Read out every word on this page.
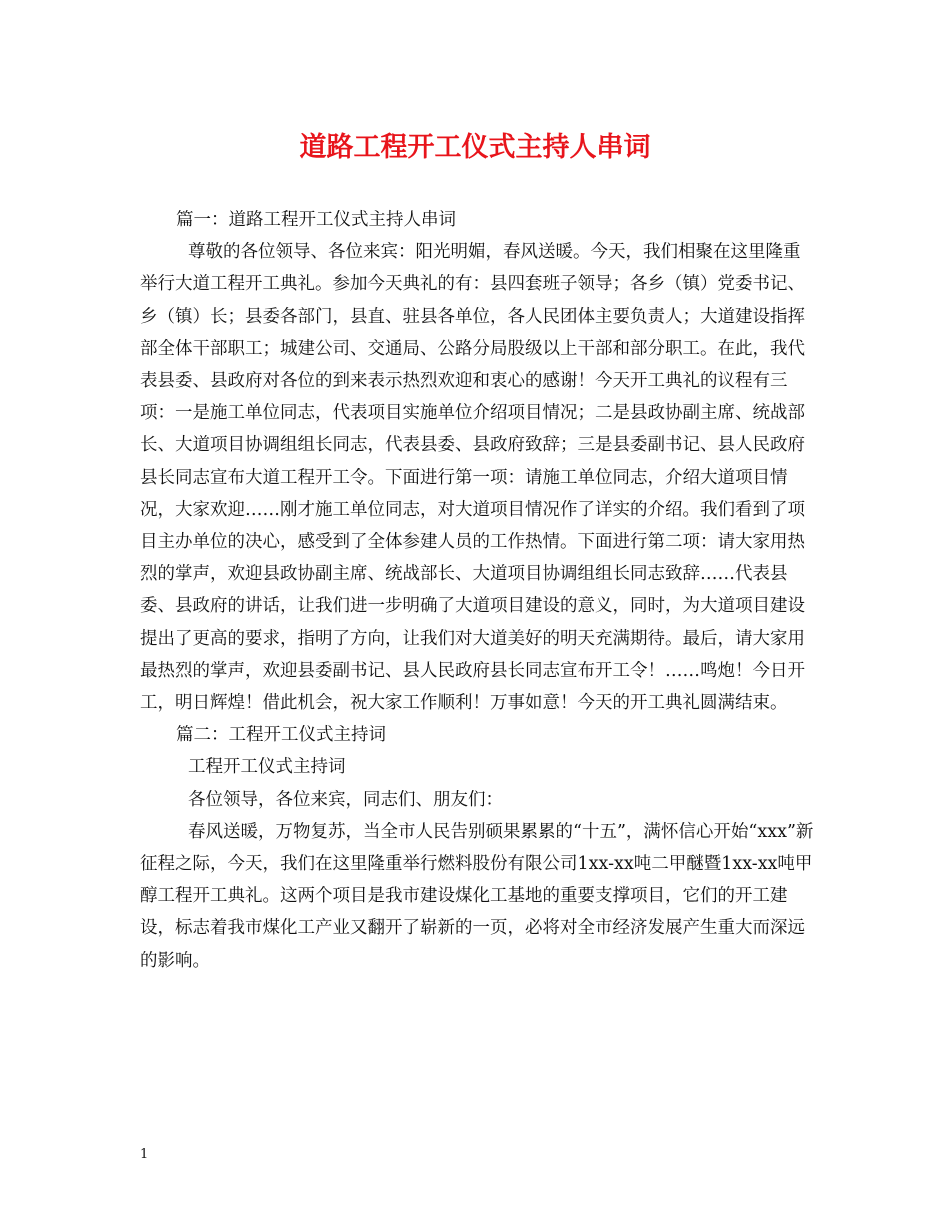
道路工程开工仪式主持人串词

篇一：道路工程开工仪式主持人串词

尊敬的各位领导、各位来宾：阳光明媚，春风送暖。今天，我们相聚在这里隆重举行大道工程开工典礼。参加今天典礼的有：县四套班子领导；各乡（镇）党委书记、乡（镇）长；县委各部门，县直、驻县各单位，各人民团体主要负责人；大道建设指挥部全体干部职工；城建公司、交通局、公路分局股级以上干部和部分职工。在此，我代表县委、县政府对各位的到来表示热烈欢迎和衷心的感谢！今天开工典礼的议程有三项：一是施工单位同志，代表项目实施单位介绍项目情况；二是县政协副主席、统战部长、大道项目协调组组长同志，代表县委、县政府致辞；三是县委副书记、县人民政府县长同志宣布大道工程开工令。下面进行第一项：请施工单位同志，介绍大道项目情况，大家欢迎……刚才施工单位同志，对大道项目情况作了详实的介绍。我们看到了项目主办单位的决心，感受到了全体参建人员的工作热情。下面进行第二项：请大家用热烈的掌声，欢迎县政协副主席、统战部长、大道项目协调组组长同志致辞……代表县委、县政府的讲话，让我们进一步明确了大道项目建设的意义，同时，为大道项目建设提出了更高的要求，指明了方向，让我们对大道美好的明天充满期待。最后，请大家用最热烈的掌声，欢迎县委副书记、县人民政府县长同志宣布开工令！……鸣炮！今日开工，明日辉煌！借此机会，祝大家工作顺利！万事如意！今天的开工典礼圆满结束。

篇二：工程开工仪式主持词

工程开工仪式主持词

各位领导，各位来宾，同志们、朋友们：

春风送暖，万物复苏，当全市人民告别硕果累累的“十五”，满怀信心开始“xxx”新征程之际，今天，我们在这里隆重举行燃料股份有限公司1xx-xx吨二甲醚暨1xx-xx吨甲醇工程开工典礼。这两个项目是我市建设煤化工基地的重要支撑项目，它们的开工建设，标志着我市煤化工产业又翻开了崭新的一页，必将对全市经济发展产生重大而深远的影响。

1
